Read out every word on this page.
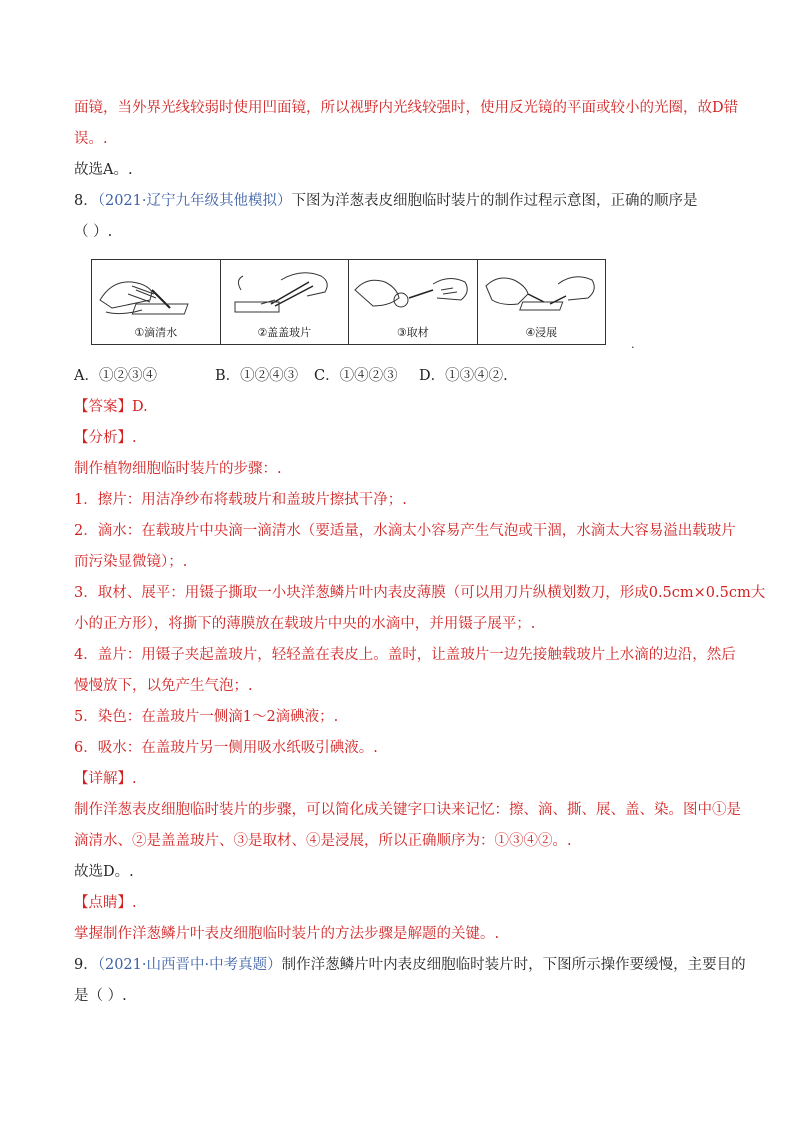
面镜，当外界光线较弱时使用凹面镜，所以视野内光线较强时，使用反光镜的平面或较小的光圈，故D错
误。.
故选A。.
8．（2021·辽宁九年级其他模拟）下图为洋葱表皮细胞临时装片的制作过程示意图，正确的顺序是
（ ）.
①滴清水	②盖盖玻片	③取材	④浸展
.
A．①②③④	B．①②④③ C．①④②③ D．①③④②.
【答案】D.
【分析】.
制作植物细胞临时装片的步骤：.
1．擦片：用洁净纱布将载玻片和盖玻片擦拭干净；.
2．滴水：在载玻片中央滴一滴清水（要适量，水滴太小容易产生气泡或干涸，水滴太大容易溢出载玻片
而污染显微镜）；.
3．取材、展平：用镊子撕取一小块洋葱鳞片叶内表皮薄膜（可以用刀片纵横划数刀，形成0.5cm×0.5cm大
小的正方形），将撕下的薄膜放在载玻片中央的水滴中，并用镊子展平；.
4．盖片：用镊子夹起盖玻片，轻轻盖在表皮上。盖时，让盖玻片一边先接触载玻片上水滴的边沿，然后
慢慢放下，以免产生气泡；.
5．染色：在盖玻片一侧滴1～2滴碘液；.
6．吸水：在盖玻片另一侧用吸水纸吸引碘液。.
【详解】.
制作洋葱表皮细胞临时装片的步骤，可以简化成关键字口诀来记忆：擦、滴、撕、展、盖、染。图中①是
滴清水、②是盖盖玻片、③是取材、④是浸展，所以正确顺序为：①③④②。.
故选D。.
【点睛】.
掌握制作洋葱鳞片叶表皮细胞临时装片的方法步骤是解题的关键。.
9．（2021·山西晋中·中考真题）制作洋葱鳞片叶内表皮细胞临时装片时，下图所示操作要缓慢，主要目的
是（ ）.
